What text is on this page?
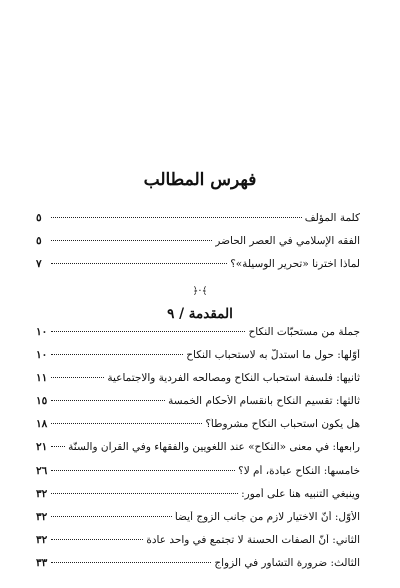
فهرس المطالب
كلمة المؤلف
٥
الفقه الإسلامي في العصر الحاضر
٥
لماذا اخترنا «تحرير الوسيلة»؟
٧
﴿·﴾
المقدمة / ٩
جملة من مستحبّات النكاح
١٠
أوّلها: حول ما استدلّ به لاستحباب النكاح
١٠
ثانيها: فلسفة استحباب النكاح ومصالحه الفردية والاجتماعية
١١
ثالثها: تقسيم النكاح بانقسام الأحكام الخمسة
١٥
هل يكون استحباب النكاح مشروطاً؟
١٨
رابعها: في معنى «النكاح» عند اللغويين والفقهاء وفي القرآن والسنّة
٢١
خامسها: النكاح عبادة، أم لا؟
٢٦
وينبغي التنبيه هنا على أمور:
٣٢
الأوّل: أنّ الاختيار لازم من جانب الزوج أيضاً
٣٢
الثاني: أنّ الصفات الحسنة لا تجتمع في واحد عادة
٣٢
الثالث: ضرورة التشاور في الزواج
٣٣
